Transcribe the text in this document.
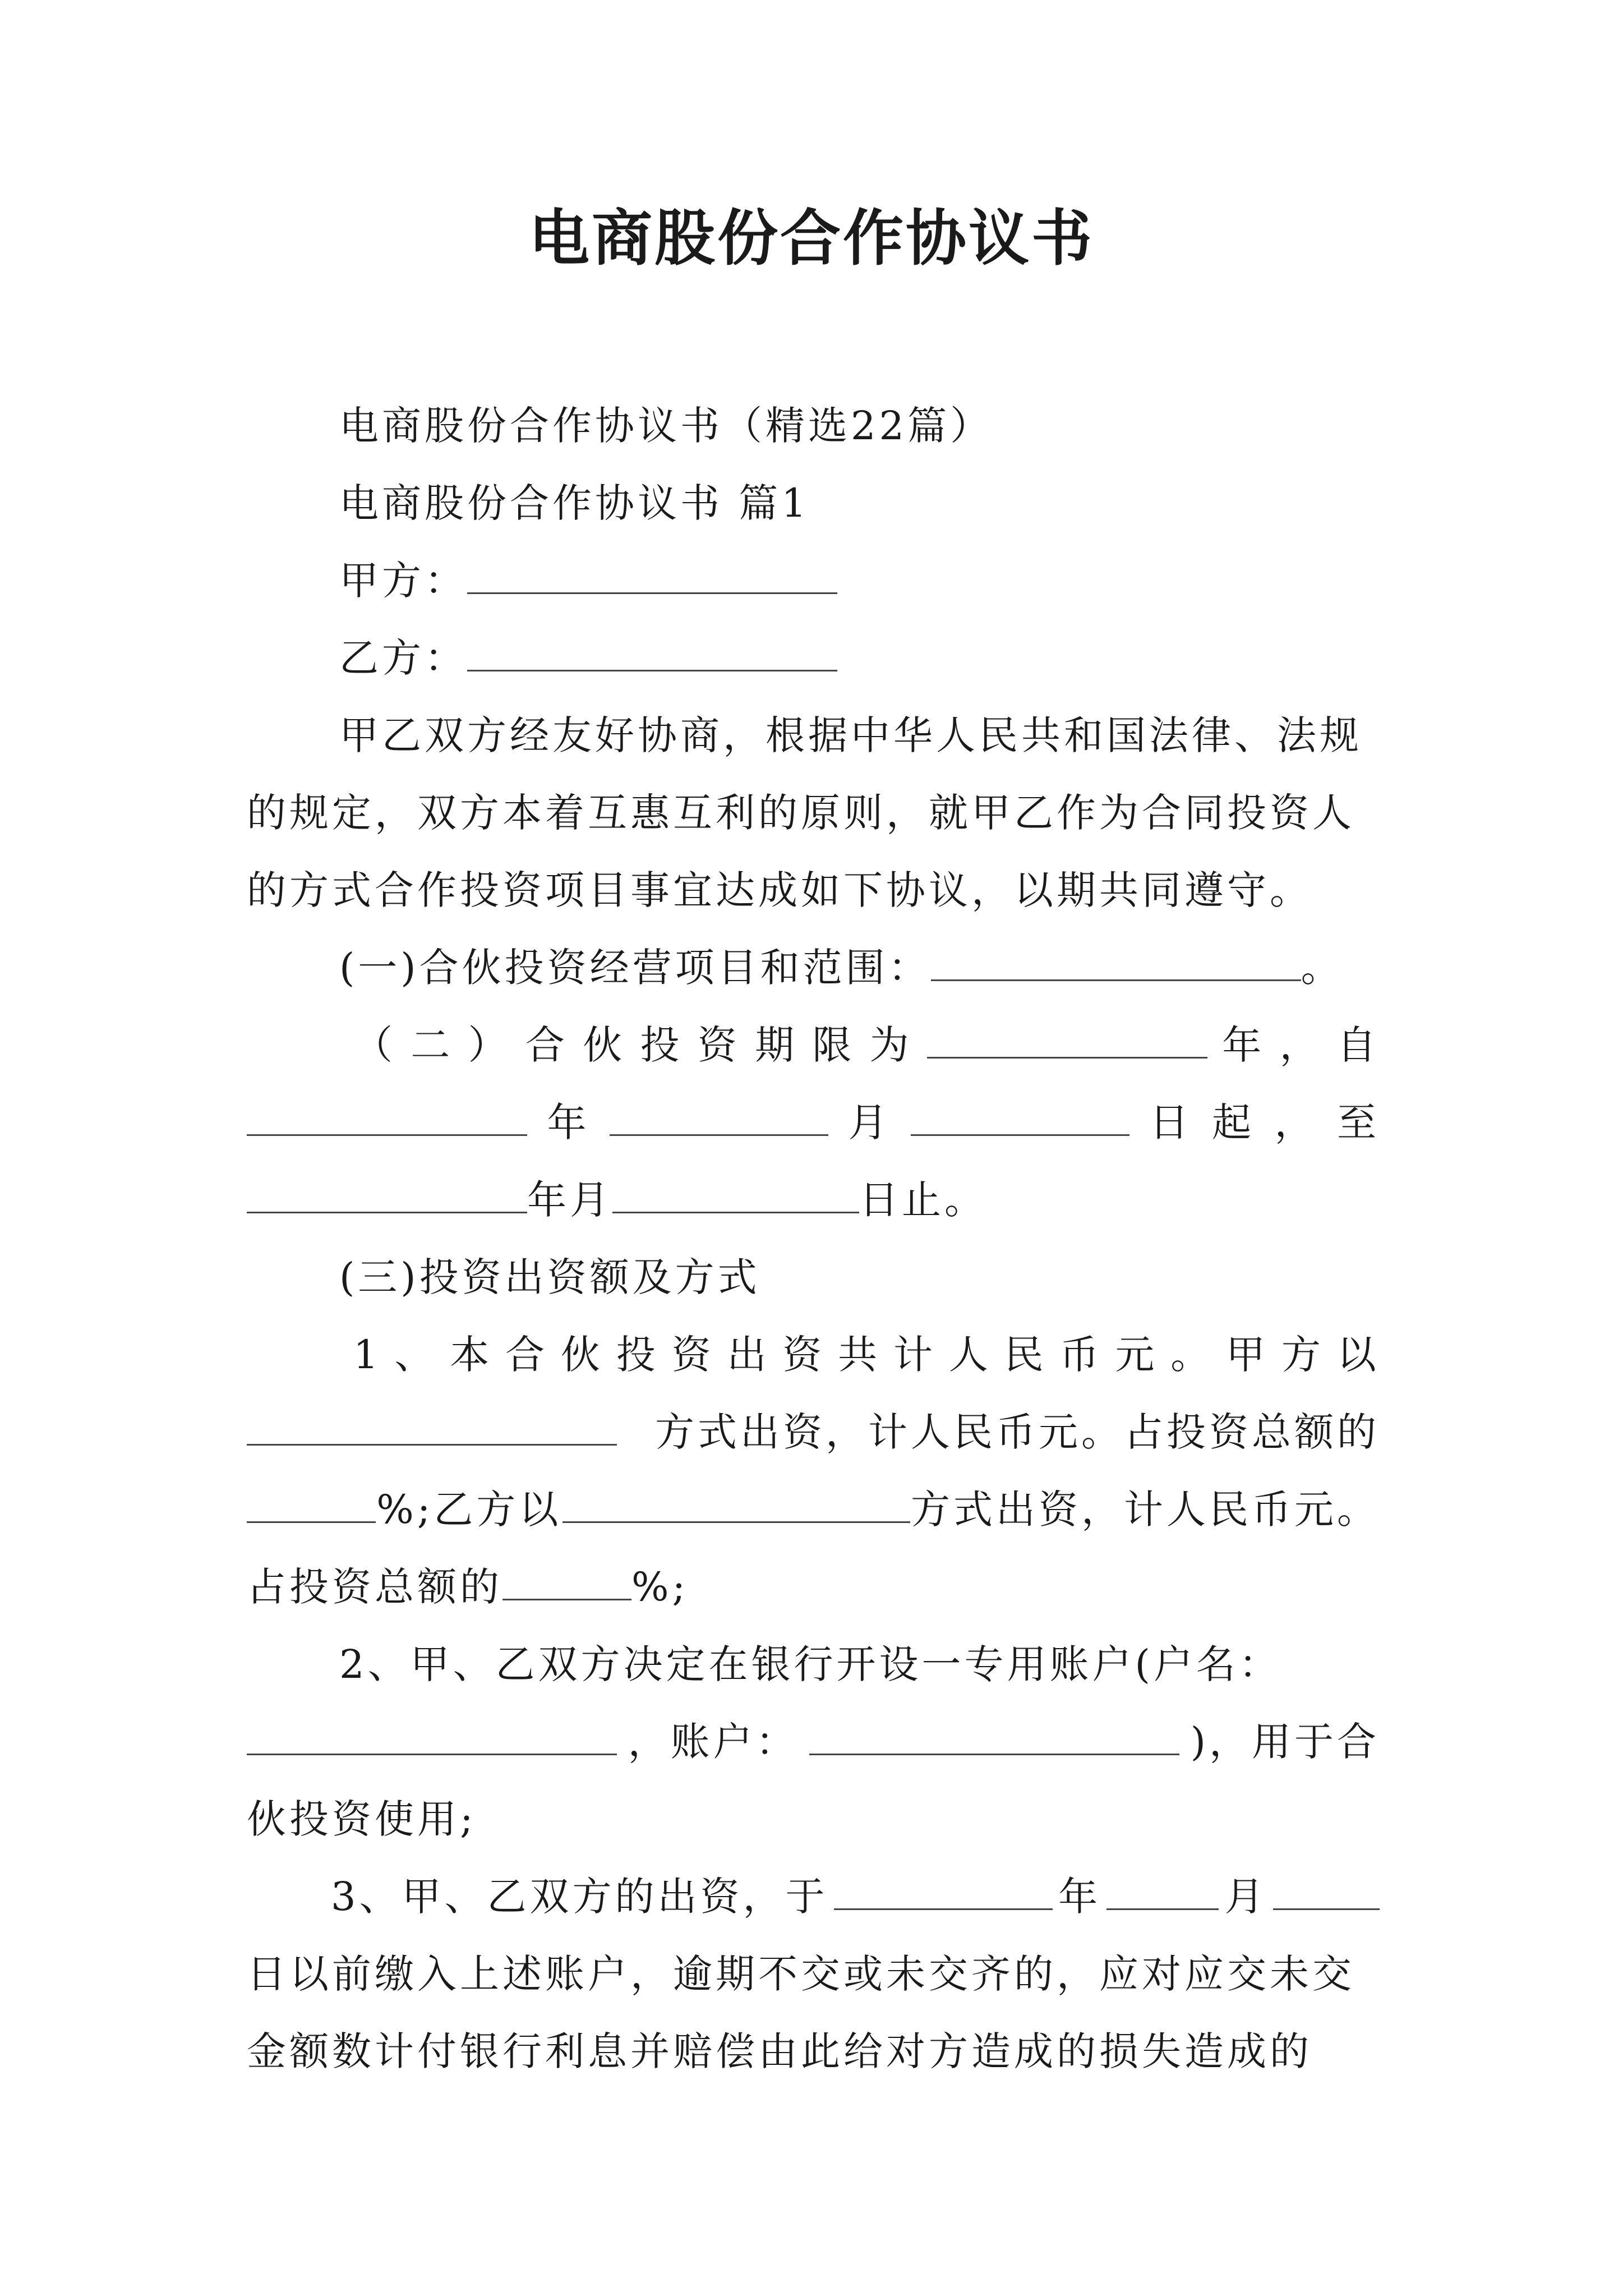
电商股份合作协议书
电商股份合作协议书（精选22篇）
电商股份合作协议书 篇1
甲方：
乙方：
甲乙双方经友好协商，根据中华人民共和国法律、法规
的规定，双方本着互惠互利的原则，就甲乙作为合同投资人
的方式合作投资项目事宜达成如下协议，以期共同遵守。
(一)合伙投资经营项目和范围：	。
（ 二 ） 合 伙 投 资 期 限 为	年 ， 自
年	月	日 起 ， 至
年月	日止。
(三)投资出资额及方式
1 、 本 合 伙 投 资 出 资 共 计 人 民 币 元 。 甲 方 以
方式出资，计人民币元。占投资总额的
%;乙方以	方式出资，计人民币元。
占投资总额的	%;
2、甲、乙双方决定在银行开设一专用账户(户名：
，账户：	)，用于合
伙投资使用;
3、甲、乙双方的出资，于	年	月
日以前缴入上述账户，逾期不交或未交齐的，应对应交未交
金额数计付银行利息并赔偿由此给对方造成的损失造成的
